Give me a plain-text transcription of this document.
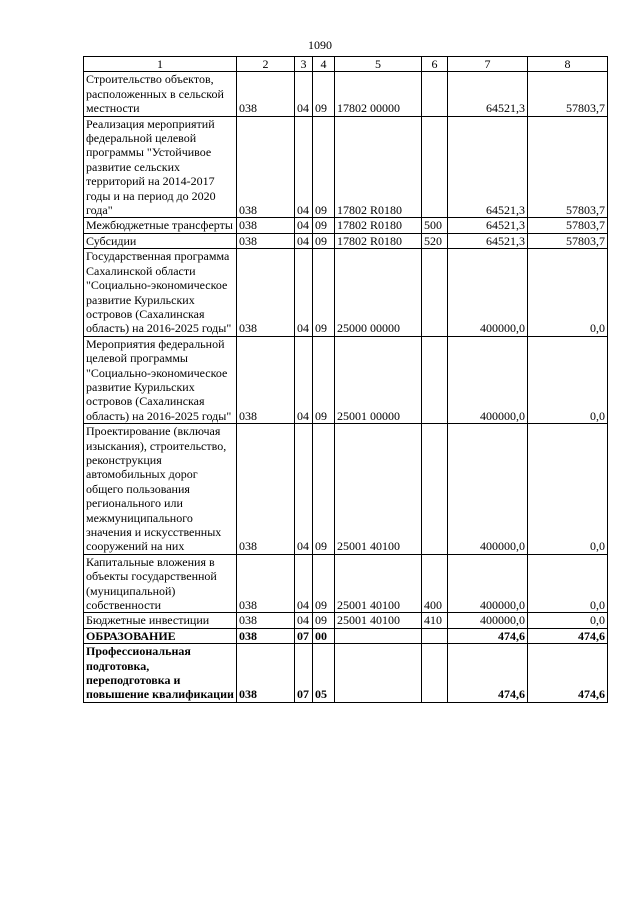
1090
1	2	3	4	5	6	7	8
Строительство объектов, расположенных в сельской местности	038	04	09	17802 00000		64521,3	57803,7
Реализация мероприятий федеральной целевой программы "Устойчивое развитие сельских территорий на 2014-2017 годы и на период до 2020 года"	038	04	09	17802 R0180		64521,3	57803,7
Межбюджетные трансферты	038	04	09	17802 R0180	500	64521,3	57803,7
Субсидии	038	04	09	17802 R0180	520	64521,3	57803,7
Государственная программа Сахалинской области "Социально-экономическое развитие Курильских островов (Сахалинская область) на 2016-2025 годы"	038	04	09	25000 00000		400000,0	0,0
Мероприятия федеральной целевой программы "Социально-экономическое развитие Курильских островов (Сахалинская область) на 2016-2025 годы"	038	04	09	25001 00000		400000,0	0,0
Проектирование (включая изыскания), строительство, реконструкция автомобильных дорог общего пользования регионального или межмуниципального значения и искусственных сооружений на них	038	04	09	25001 40100		400000,0	0,0
Капитальные вложения в объекты государственной (муниципальной) собственности	038	04	09	25001 40100	400	400000,0	0,0
Бюджетные инвестиции	038	04	09	25001 40100	410	400000,0	0,0
ОБРАЗОВАНИЕ	038	07	00			474,6	474,6
Профессиональная подготовка, переподготовка и повышение квалификации	038	07	05			474,6	474,6
